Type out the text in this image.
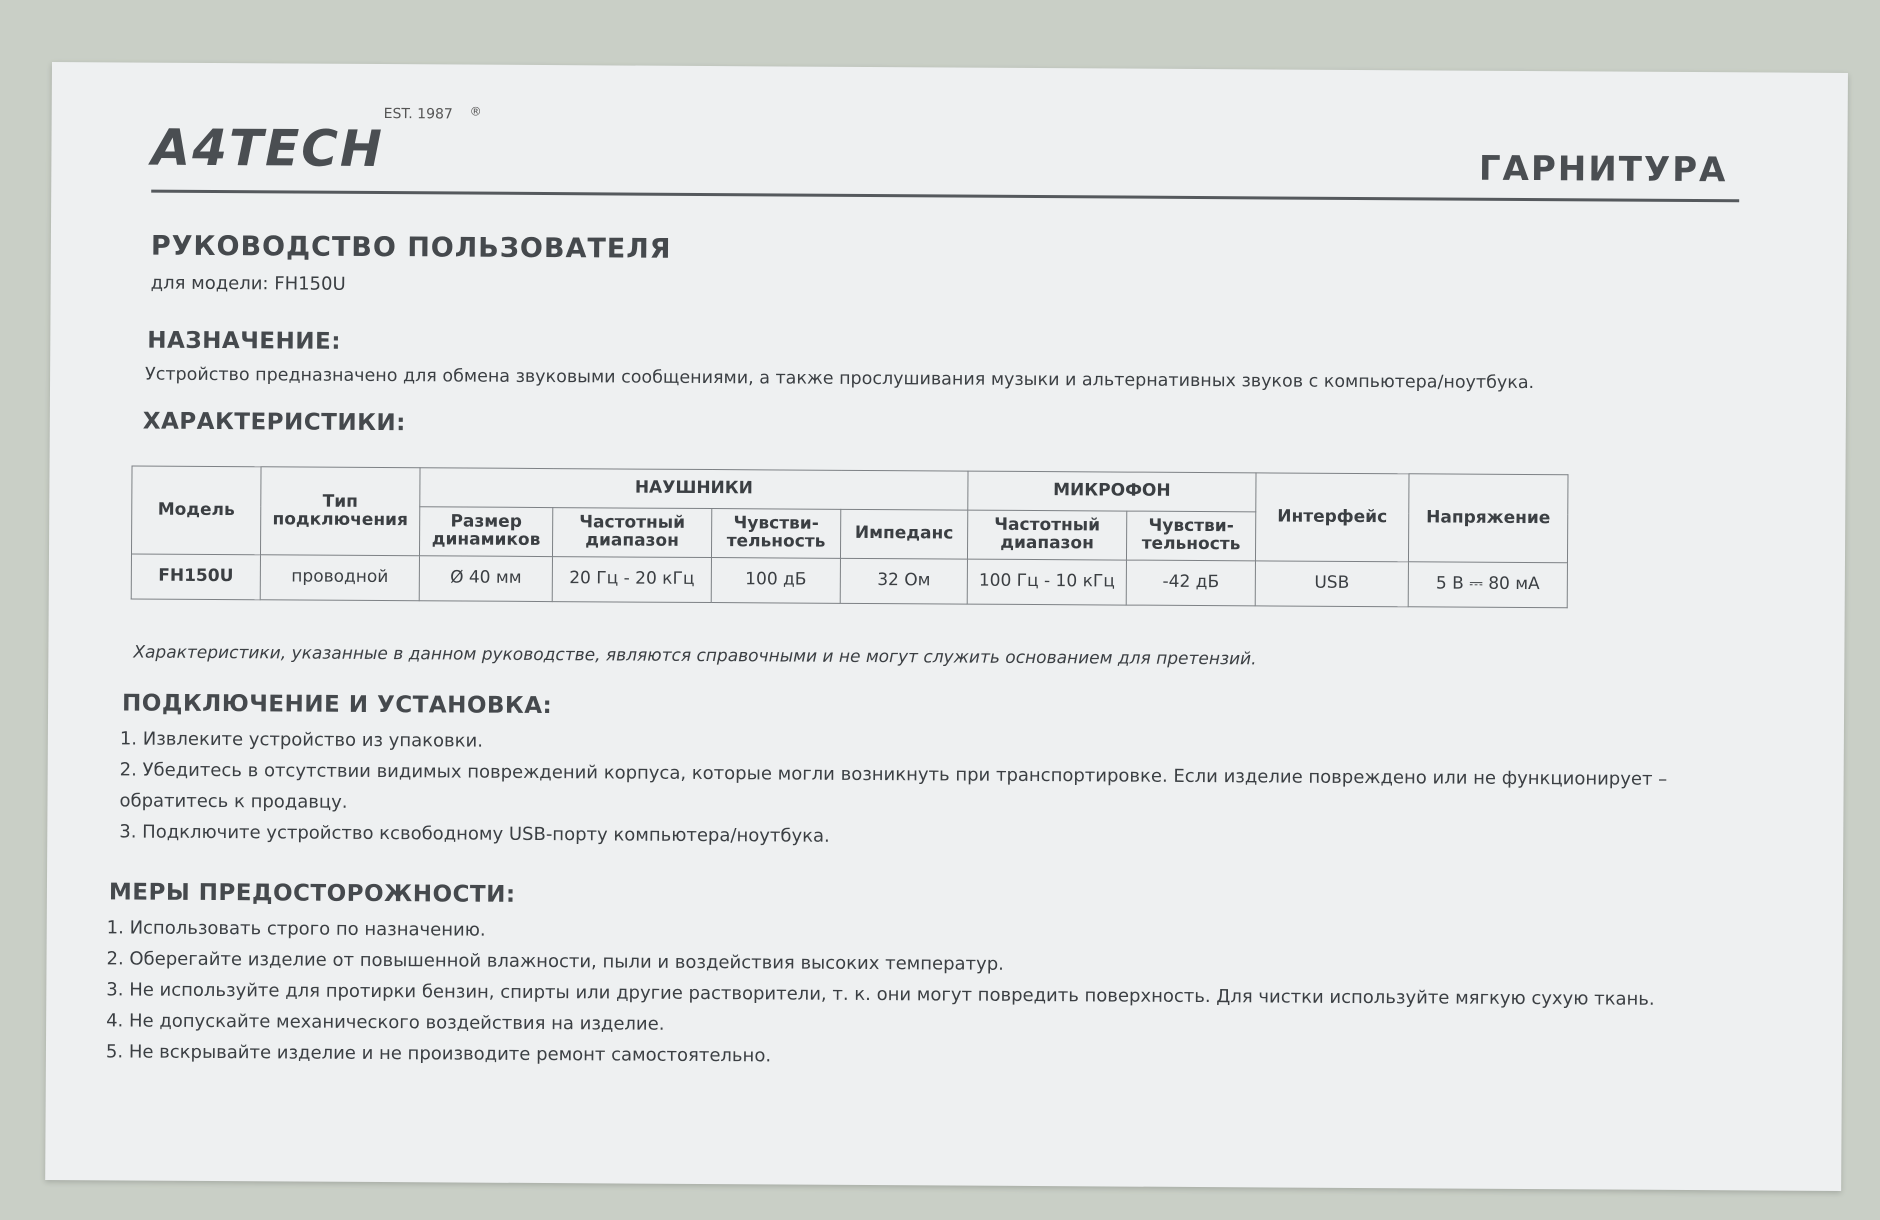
A4TECH
EST. 1987 ®
ГАРНИТУРА
РУКОВОДСТВО ПОЛЬЗОВАТЕЛЯ
для модели: FH150U
НАЗНАЧЕНИЕ:
Устройство предназначено для обмена звуковыми сообщениями, а также прослушивания музыки и альтернативных звуков с компьютера/ноутбука.
ХАРАКТЕРИСТИКИ:
Модель	Тип подключения	НАУШНИКИ				МИКРОФОН		Интерфейс	Напряжение
		Размер динамиков	Частотный диапазон	Чувстви-тельность	Импеданс	Частотный диапазон	Чувстви-тельность		
FH150U	проводной	Ø 40 мм	20 Гц - 20 кГц	100 дБ	32 Ом	100 Гц - 10 кГц	-42 дБ	USB	5 В ⎓ 80 мА
Характеристики, указанные в данном руководстве, являются справочными и не могут служить основанием для претензий.
ПОДКЛЮЧЕНИЕ И УСТАНОВКА:
1. Извлеките устройство из упаковки.
2. Убедитесь в отсутствии видимых повреждений корпуса, которые могли возникнуть при транспортировке. Если изделие повреждено или не функционирует –
обратитесь к продавцу.
3. Подключите устройство ксвободному USB-порту компьютера/ноутбука.
МЕРЫ ПРЕДОСТОРОЖНОСТИ:
1. Использовать строго по назначению.
2. Оберегайте изделие от повышенной влажности, пыли и воздействия высоких температур.
3. Не используйте для протирки бензин, спирты или другие растворители, т. к. они могут повредить поверхность. Для чистки используйте мягкую сухую ткань.
4. Не допускайте механического воздействия на изделие.
5. Не вскрывайте изделие и не производите ремонт самостоятельно.
